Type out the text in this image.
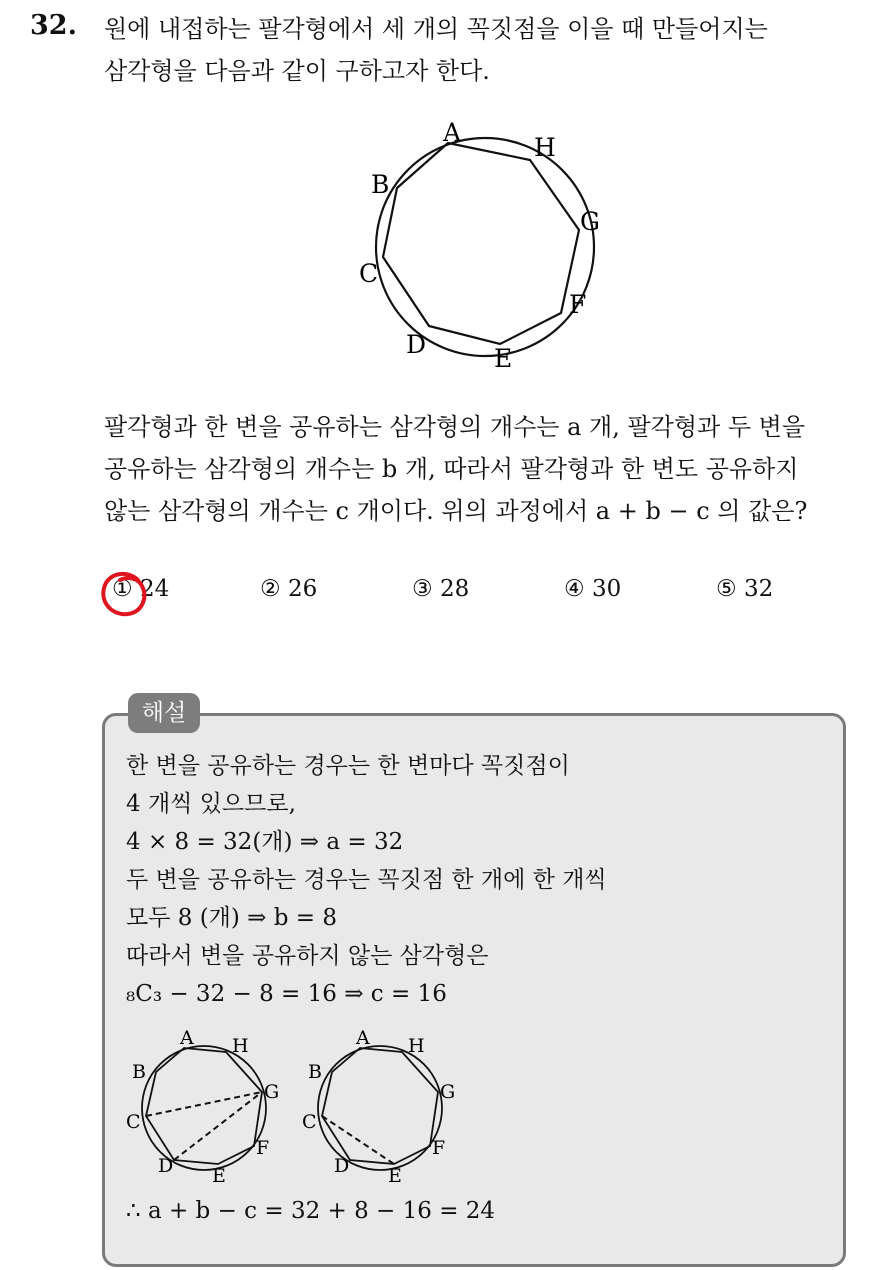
32. 원에 내접하는 팔각형에서 세 개의 꼭짓점을 이을 때 만들어지는
삼각형을 다음과 같이 구하고자 한다.
A
H
G
F
E
D
C
B
팔각형과 한 변을 공유하는 삼각형의 개수는 a 개, 팔각형과 두 변을
공유하는 삼각형의 개수는 b 개, 따라서 팔각형과 한 변도 공유하지
않는 삼각형의 개수는 c 개이다. 위의 과정에서 a + b − c 의 값은?
① 24	② 26	③ 28	④ 30	⑤ 32
해설
한 변을 공유하는 경우는 한 변마다 꼭짓점이
4 개씩 있으므로,
4 × 8 = 32(개) ⇒ a = 32
두 변을 공유하는 경우는 꼭짓점 한 개에 한 개씩
모두 8 (개) ⇒ b = 8
따라서 변을 공유하지 않는 삼각형은
₈C₃ − 32 − 8 = 16 ⇒ c = 16
A H
G
F
E
D
C
B
A H
G
F
E
D
C
B
∴ a + b − c = 32 + 8 − 16 = 24
